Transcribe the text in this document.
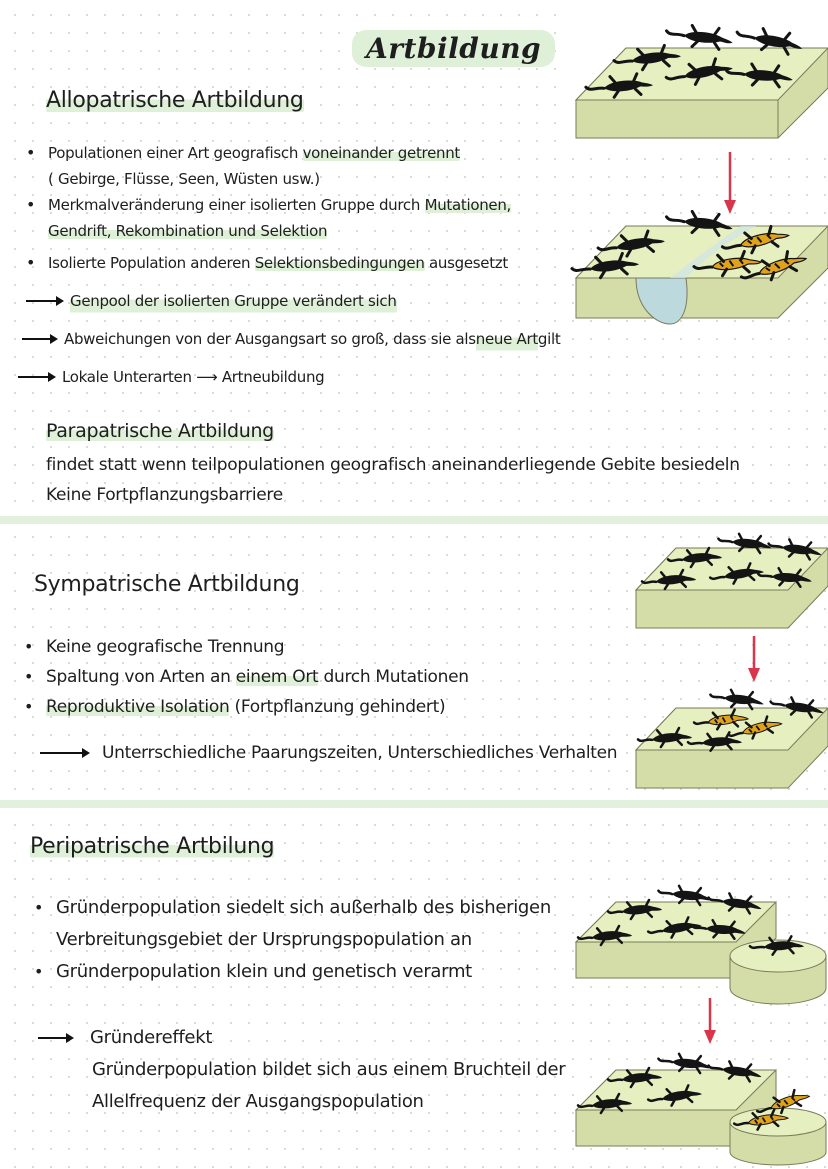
Artbildung
Allopatrische Artbildung
• Populationen einer Art geografisch voneinander getrennt
( Gebirge, Flüsse, Seen, Wüsten usw.)
• Merkmalveränderung einer isolierten Gruppe durch Mutationen,
Gendrift, Rekombination und Selektion
• Isolierte Population anderen Selektionsbedingungen ausgesetzt
Genpool der isolierten Gruppe verändert sich
Abweichungen von der Ausgangsart so groß, dass sie als neue Art gilt
Lokale Unterarten ⟶ Artneubildung
Parapatrische Artbildung
findet statt wenn teilpopulationen geografisch aneinanderliegende Gebite besiedeln
Keine Fortpflanzungsbarriere
Sympatrische Artbildung
• Keine geografische Trennung
• Spaltung von Arten an einem Ort durch Mutationen
• Reproduktive Isolation (Fortpflanzung gehindert)
Unterrschiedliche Paarungszeiten, Unterschiedliches Verhalten
Peripatrische Artbilung
• Gründerpopulation siedelt sich außerhalb des bisherigen
Verbreitungsgebiet der Ursprungspopulation an
• Gründerpopulation klein und genetisch verarmt
Gründereffekt
Gründerpopulation bildet sich aus einem Bruchteil der
Allelfrequenz der Ausgangspopulation
